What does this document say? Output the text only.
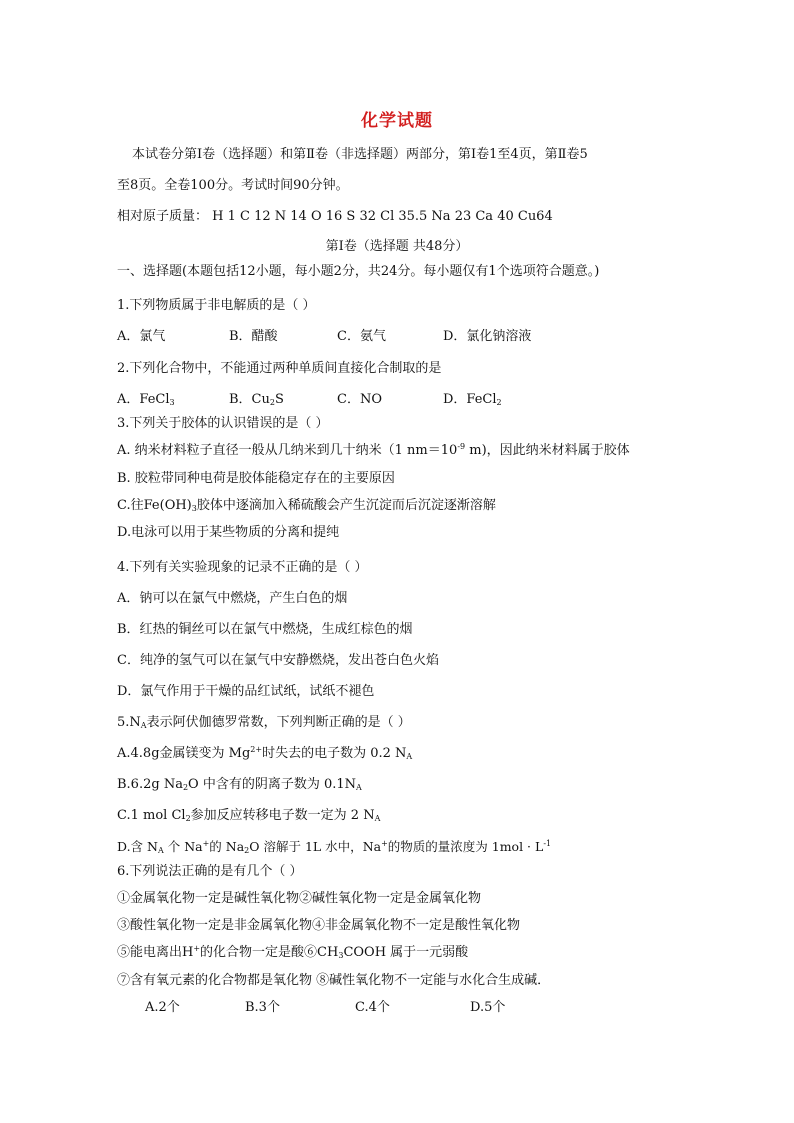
化学试题
本试卷分第Ⅰ卷（选择题）和第Ⅱ卷（非选择题）两部分，第Ⅰ卷1至4页，第Ⅱ卷5
至8页。全卷100分。考试时间90分钟。
相对原子质量： H 1 C 12 N 14 O 16 S 32 Cl 35.5 Na 23 Ca 40 Cu64
第Ⅰ卷（选择题 共48分）
一、选择题(本题包括12小题，每小题2分，共24分。每小题仅有1个选项符合题意。)
1.下列物质属于非电解质的是（ ）
A．氯气	B．醋酸	C．氨气	D．氯化钠溶液
2.下列化合物中，不能通过两种单质间直接化合制取的是
A．FeCl$_3$	B．$Cu_2S$	C．NO	D．FeCl$_2$
3.下列关于胶体的认识错误的是（ ）
A. 纳米材料粒子直径一般从几纳米到几十纳米（1 $nm=10^{-9}$ m)，因此纳米材料属于胶体
B. 胶粒带同种电荷是胶体能稳定存在的主要原因
C.往$Fe(OH)_3$胶体中逐滴加入稀硫酸会产生沉淀而后沉淀逐渐溶解
D.电泳可以用于某些物质的分离和提纯
4.下列有关实验现象的记录不正确的是（ ）
A．钠可以在氯气中燃烧，产生白色的烟
B．红热的铜丝可以在氯气中燃烧，生成红棕色的烟
C．纯净的氢气可以在氯气中安静燃烧，发出苍白色火焰
D．氯气作用于干燥的品红试纸，试纸不褪色
$5.N_A$表示阿伏伽德罗常数，下列判断正确的是（ ）
A.4.8g金属镁变为 $Mg^{2+}$时失去的电子数为 0.2 $N_A$
B.6.2g $Na_2O$ 中含有的阴离子数为 $0.1N_A$
C.1 mol $Cl_2$参加反应转移电子数一定为 2 $N_A$
D.含 $N_A$ 个 Na+的 $Na_2O$ 溶解于 1L 水中，Na+的物质的量浓度为 $1mol \cdot L^{-1}$
6.下列说法正确的是有几个（ ）
①金属氧化物一定是碱性氧化物②碱性氧化物一定是金属氧化物
③酸性氧化物一定是非金属氧化物④非金属氧化物不一定是酸性氧化物
⑤能电离出H+的化合物一定是酸$⑥CH_3COOH$ 属于一元弱酸
⑦含有氧元素的化合物都是氧化物 ⑧碱性氧化物不一定能与水化合生成碱．
A.2个	B.3个	C.4个	D.5个
